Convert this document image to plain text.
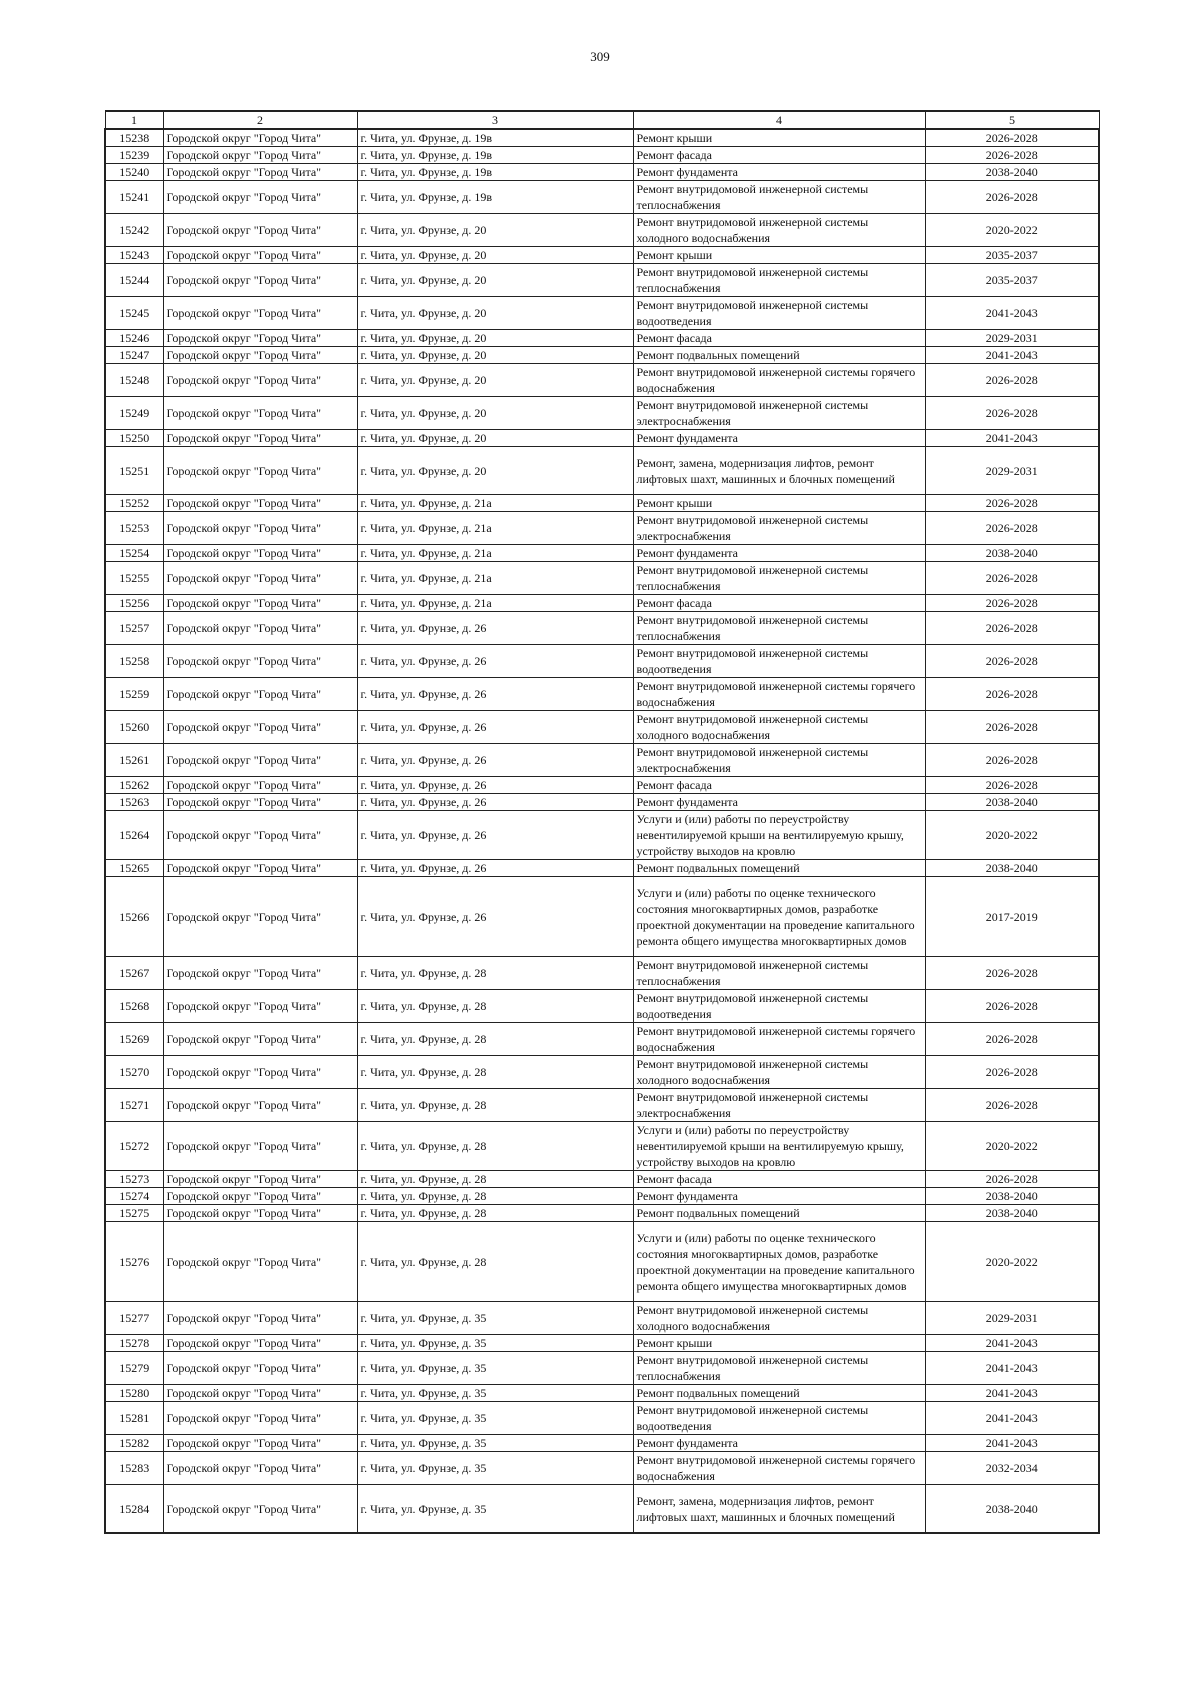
309
1	2	3	4	5
15238	Городской округ "Город Чита"	г. Чита, ул. Фрунзе, д. 19в	Ремонт крыши	2026-2028
15239	Городской округ "Город Чита"	г. Чита, ул. Фрунзе, д. 19в	Ремонт фасада	2026-2028
15240	Городской округ "Город Чита"	г. Чита, ул. Фрунзе, д. 19в	Ремонт фундамента	2038-2040
15241	Городской округ "Город Чита"	г. Чита, ул. Фрунзе, д. 19в	Ремонт внутридомовой инженерной системы теплоснабжения	2026-2028
15242	Городской округ "Город Чита"	г. Чита, ул. Фрунзе, д. 20	Ремонт внутридомовой инженерной системы холодного водоснабжения	2020-2022
15243	Городской округ "Город Чита"	г. Чита, ул. Фрунзе, д. 20	Ремонт крыши	2035-2037
15244	Городской округ "Город Чита"	г. Чита, ул. Фрунзе, д. 20	Ремонт внутридомовой инженерной системы теплоснабжения	2035-2037
15245	Городской округ "Город Чита"	г. Чита, ул. Фрунзе, д. 20	Ремонт внутридомовой инженерной системы водоотведения	2041-2043
15246	Городской округ "Город Чита"	г. Чита, ул. Фрунзе, д. 20	Ремонт фасада	2029-2031
15247	Городской округ "Город Чита"	г. Чита, ул. Фрунзе, д. 20	Ремонт подвальных помещений	2041-2043
15248	Городской округ "Город Чита"	г. Чита, ул. Фрунзе, д. 20	Ремонт внутридомовой инженерной системы горячего водоснабжения	2026-2028
15249	Городской округ "Город Чита"	г. Чита, ул. Фрунзе, д. 20	Ремонт внутридомовой инженерной системы электроснабжения	2026-2028
15250	Городской округ "Город Чита"	г. Чита, ул. Фрунзе, д. 20	Ремонт фундамента	2041-2043
15251	Городской округ "Город Чита"	г. Чита, ул. Фрунзе, д. 20	Ремонт, замена, модернизация лифтов, ремонт лифтовых шахт, машинных и блочных помещений	2029-2031
15252	Городской округ "Город Чита"	г. Чита, ул. Фрунзе, д. 21а	Ремонт крыши	2026-2028
15253	Городской округ "Город Чита"	г. Чита, ул. Фрунзе, д. 21а	Ремонт внутридомовой инженерной системы электроснабжения	2026-2028
15254	Городской округ "Город Чита"	г. Чита, ул. Фрунзе, д. 21а	Ремонт фундамента	2038-2040
15255	Городской округ "Город Чита"	г. Чита, ул. Фрунзе, д. 21а	Ремонт внутридомовой инженерной системы теплоснабжения	2026-2028
15256	Городской округ "Город Чита"	г. Чита, ул. Фрунзе, д. 21а	Ремонт фасада	2026-2028
15257	Городской округ "Город Чита"	г. Чита, ул. Фрунзе, д. 26	Ремонт внутридомовой инженерной системы теплоснабжения	2026-2028
15258	Городской округ "Город Чита"	г. Чита, ул. Фрунзе, д. 26	Ремонт внутридомовой инженерной системы водоотведения	2026-2028
15259	Городской округ "Город Чита"	г. Чита, ул. Фрунзе, д. 26	Ремонт внутридомовой инженерной системы горячего водоснабжения	2026-2028
15260	Городской округ "Город Чита"	г. Чита, ул. Фрунзе, д. 26	Ремонт внутридомовой инженерной системы холодного водоснабжения	2026-2028
15261	Городской округ "Город Чита"	г. Чита, ул. Фрунзе, д. 26	Ремонт внутридомовой инженерной системы электроснабжения	2026-2028
15262	Городской округ "Город Чита"	г. Чита, ул. Фрунзе, д. 26	Ремонт фасада	2026-2028
15263	Городской округ "Город Чита"	г. Чита, ул. Фрунзе, д. 26	Ремонт фундамента	2038-2040
15264	Городской округ "Город Чита"	г. Чита, ул. Фрунзе, д. 26	Услуги и (или) работы по переустройству невентилируемой крыши на вентилируемую крышу, устройству выходов на кровлю	2020-2022
15265	Городской округ "Город Чита"	г. Чита, ул. Фрунзе, д. 26	Ремонт подвальных помещений	2038-2040
15266	Городской округ "Город Чита"	г. Чита, ул. Фрунзе, д. 26	Услуги и (или) работы по оценке технического состояния многоквартирных домов, разработке проектной документации на проведение капитального ремонта общего имущества многоквартирных домов	2017-2019
15267	Городской округ "Город Чита"	г. Чита, ул. Фрунзе, д. 28	Ремонт внутридомовой инженерной системы теплоснабжения	2026-2028
15268	Городской округ "Город Чита"	г. Чита, ул. Фрунзе, д. 28	Ремонт внутридомовой инженерной системы водоотведения	2026-2028
15269	Городской округ "Город Чита"	г. Чита, ул. Фрунзе, д. 28	Ремонт внутридомовой инженерной системы горячего водоснабжения	2026-2028
15270	Городской округ "Город Чита"	г. Чита, ул. Фрунзе, д. 28	Ремонт внутридомовой инженерной системы холодного водоснабжения	2026-2028
15271	Городской округ "Город Чита"	г. Чита, ул. Фрунзе, д. 28	Ремонт внутридомовой инженерной системы электроснабжения	2026-2028
15272	Городской округ "Город Чита"	г. Чита, ул. Фрунзе, д. 28	Услуги и (или) работы по переустройству невентилируемой крыши на вентилируемую крышу, устройству выходов на кровлю	2020-2022
15273	Городской округ "Город Чита"	г. Чита, ул. Фрунзе, д. 28	Ремонт фасада	2026-2028
15274	Городской округ "Город Чита"	г. Чита, ул. Фрунзе, д. 28	Ремонт фундамента	2038-2040
15275	Городской округ "Город Чита"	г. Чита, ул. Фрунзе, д. 28	Ремонт подвальных помещений	2038-2040
15276	Городской округ "Город Чита"	г. Чита, ул. Фрунзе, д. 28	Услуги и (или) работы по оценке технического состояния многоквартирных домов, разработке проектной документации на проведение капитального ремонта общего имущества многоквартирных домов	2020-2022
15277	Городской округ "Город Чита"	г. Чита, ул. Фрунзе, д. 35	Ремонт внутридомовой инженерной системы холодного водоснабжения	2029-2031
15278	Городской округ "Город Чита"	г. Чита, ул. Фрунзе, д. 35	Ремонт крыши	2041-2043
15279	Городской округ "Город Чита"	г. Чита, ул. Фрунзе, д. 35	Ремонт внутридомовой инженерной системы теплоснабжения	2041-2043
15280	Городской округ "Город Чита"	г. Чита, ул. Фрунзе, д. 35	Ремонт подвальных помещений	2041-2043
15281	Городской округ "Город Чита"	г. Чита, ул. Фрунзе, д. 35	Ремонт внутридомовой инженерной системы водоотведения	2041-2043
15282	Городской округ "Город Чита"	г. Чита, ул. Фрунзе, д. 35	Ремонт фундамента	2041-2043
15283	Городской округ "Город Чита"	г. Чита, ул. Фрунзе, д. 35	Ремонт внутридомовой инженерной системы горячего водоснабжения	2032-2034
15284	Городской округ "Город Чита"	г. Чита, ул. Фрунзе, д. 35	Ремонт, замена, модернизация лифтов, ремонт лифтовых шахт, машинных и блочных помещений	2038-2040
